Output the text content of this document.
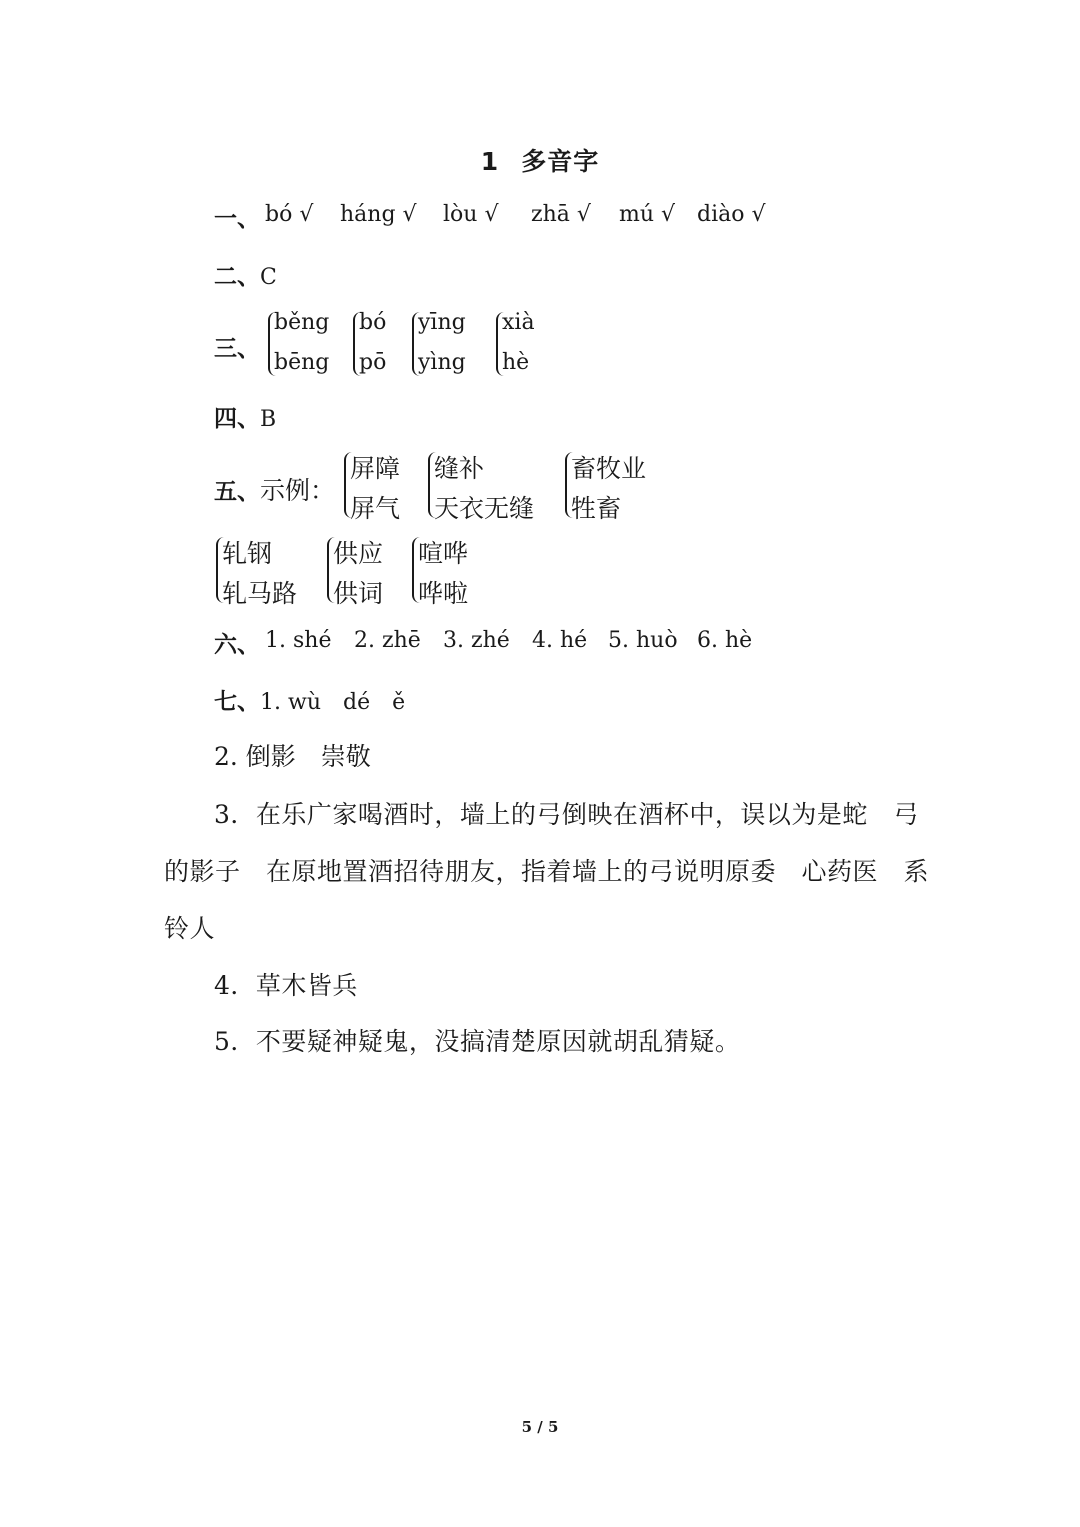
1 多音字
一、 bó √ háng √ lòu √ zhā √ mú √ diào √
二、C
三、
běng
bēng
bó
pō
yīng
yìng
xià
hè
四、B
五、示例：
屏障
屏气
缝补
天衣无缝
畜牧业
牲畜
轧钢
轧马路
供应
供词
喧哗
哗啦
六、 1. shé 2. zhē 3. zhé 4. hé 5. huò 6. hè
七、1. wù　dé　ě
2. 倒影　崇敬
3．在乐广家喝酒时，墙上的弓倒映在酒杯中，误以为是蛇　弓
的影子　在原地置酒招待朋友，指着墙上的弓说明原委　心药医　系
铃人
4．草木皆兵
5．不要疑神疑鬼，没搞清楚原因就胡乱猜疑。
5 / 5
